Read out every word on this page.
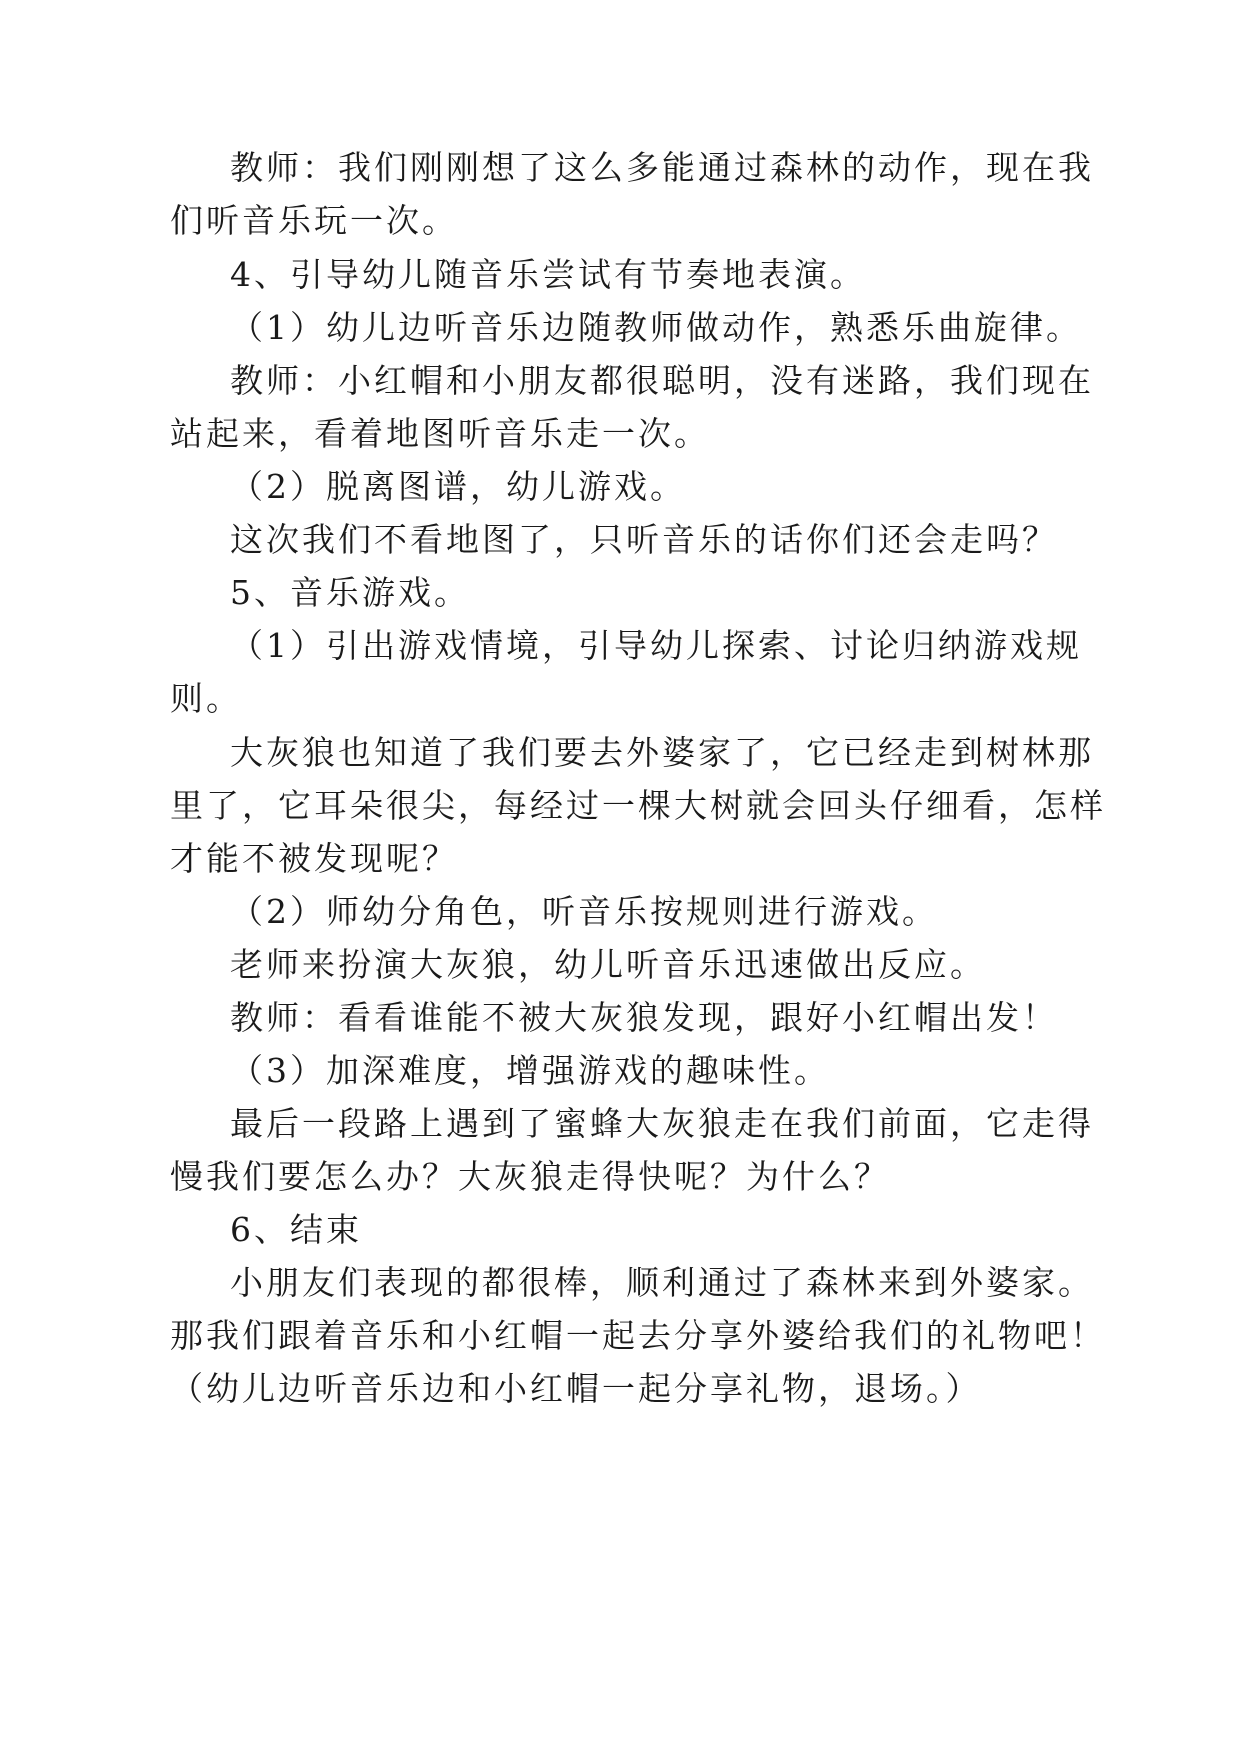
教师：我们刚刚想了这么多能通过森林的动作，现在我
们听音乐玩一次。
4、引导幼儿随音乐尝试有节奏地表演。
（1）幼儿边听音乐边随教师做动作，熟悉乐曲旋律。
教师：小红帽和小朋友都很聪明，没有迷路，我们现在
站起来，看着地图听音乐走一次。
（2）脱离图谱，幼儿游戏。
这次我们不看地图了，只听音乐的话你们还会走吗？
5、音乐游戏。
（1）引出游戏情境，引导幼儿探索、讨论归纳游戏规
则。
大灰狼也知道了我们要去外婆家了，它已经走到树林那
里了，它耳朵很尖，每经过一棵大树就会回头仔细看，怎样
才能不被发现呢？
（2）师幼分角色，听音乐按规则进行游戏。
老师来扮演大灰狼，幼儿听音乐迅速做出反应。
教师：看看谁能不被大灰狼发现，跟好小红帽出发！
（3）加深难度，增强游戏的趣味性。
最后一段路上遇到了蜜蜂大灰狼走在我们前面，它走得
慢我们要怎么办？大灰狼走得快呢？为什么？
6、结束
小朋友们表现的都很棒，顺利通过了森林来到外婆家。
那我们跟着音乐和小红帽一起去分享外婆给我们的礼物吧！
（幼儿边听音乐边和小红帽一起分享礼物，退场。）
